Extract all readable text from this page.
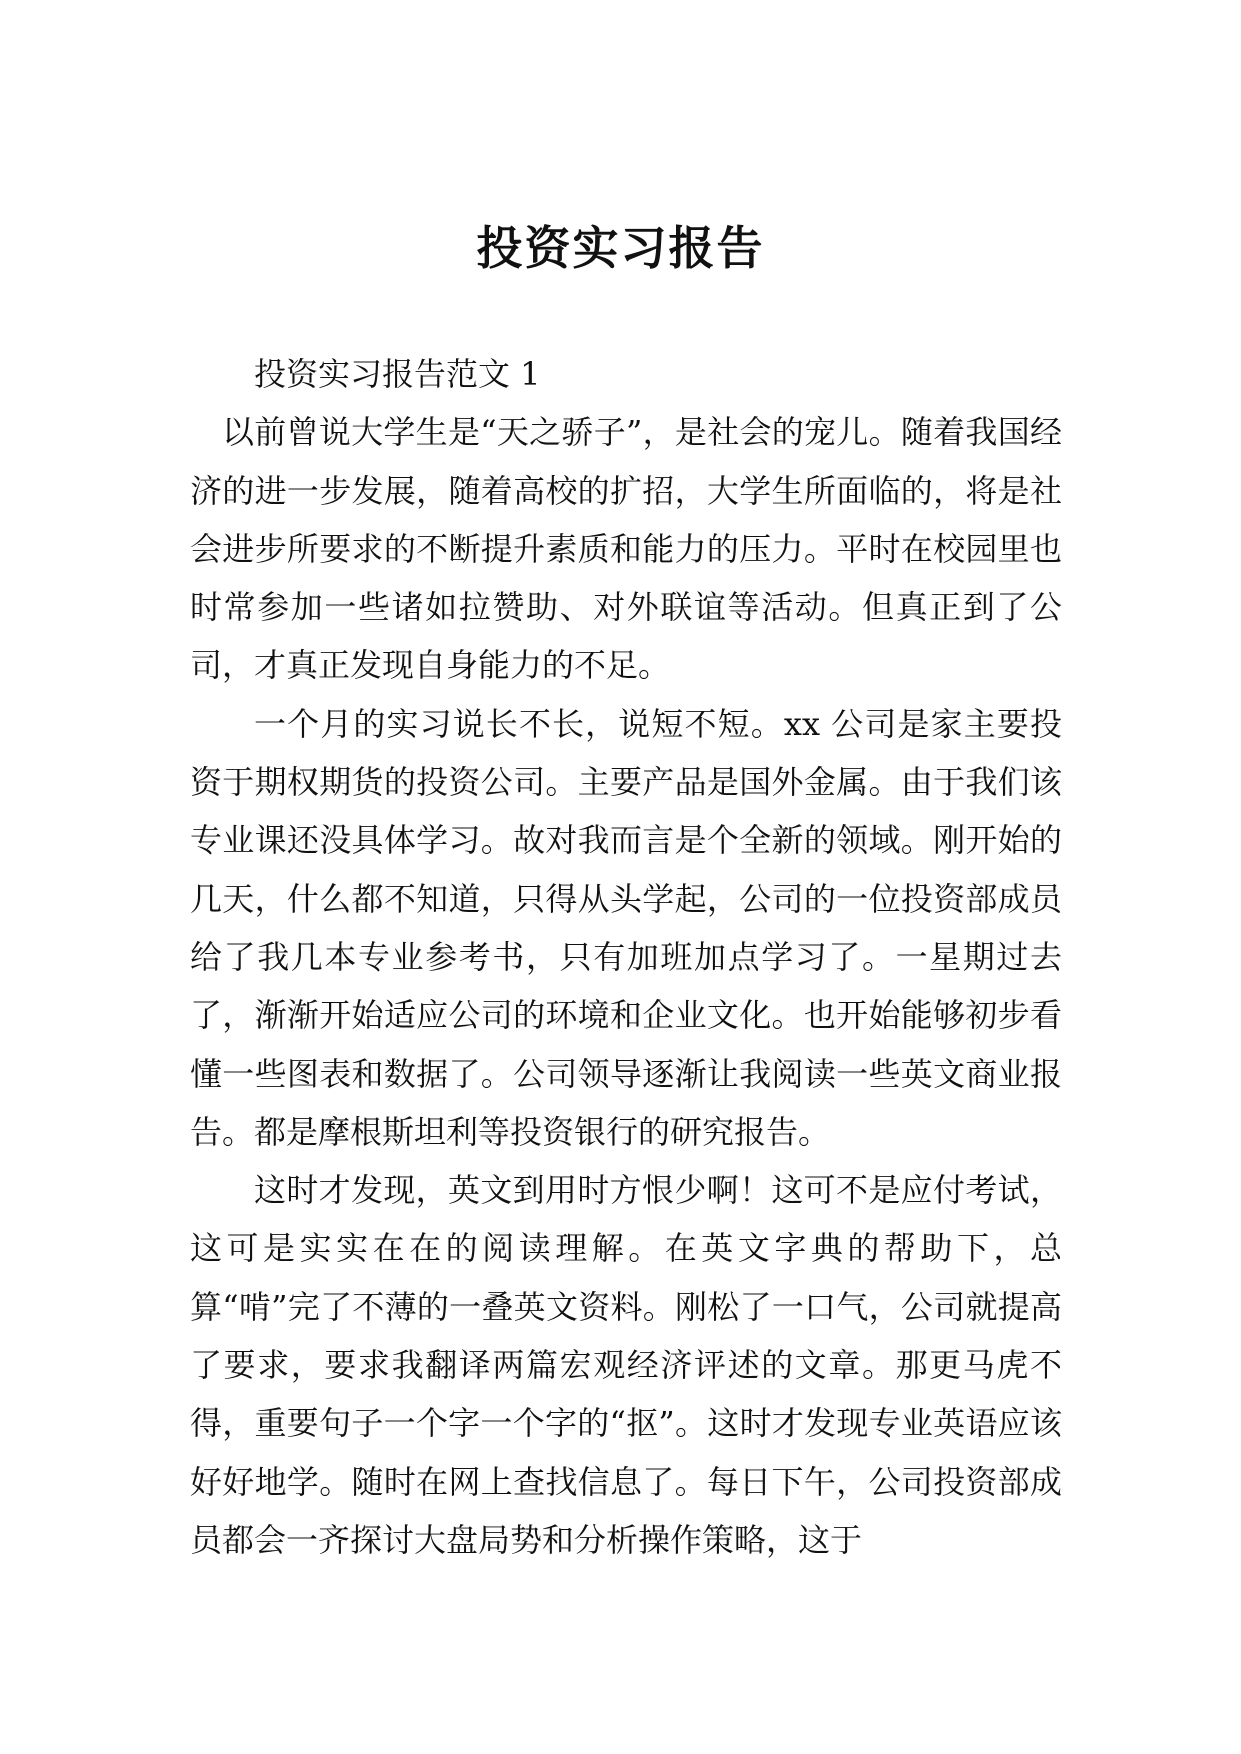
投资实习报告

投资实习报告范文 1

以前曾说大学生是“天之骄子”，是社会的宠儿。随着我国经济的进一步发展，随着高校的扩招，大学生所面临的，将是社会进步所要求的不断提升素质和能力的压力。平时在校园里也时常参加一些诸如拉赞助、对外联谊等活动。但真正到了公司，才真正发现自身能力的不足。

一个月的实习说长不长，说短不短。xx 公司是家主要投资于期权期货的投资公司。主要产品是国外金属。由于我们该专业课还没具体学习。故对我而言是个全新的领域。刚开始的几天，什么都不知道，只得从头学起，公司的一位投资部成员给了我几本专业参考书，只有加班加点学习了。一星期过去了，渐渐开始适应公司的环境和企业文化。也开始能够初步看懂一些图表和数据了。公司领导逐渐让我阅读一些英文商业报告。都是摩根斯坦利等投资银行的研究报告。

这时才发现，英文到用时方恨少啊！这可不是应付考试，这可是实实在在的阅读理解。在英文字典的帮助下，总算“啃”完了不薄的一叠英文资料。刚松了一口气，公司就提高了要求，要求我翻译两篇宏观经济评述的文章。那更马虎不得，重要句子一个字一个字的“抠”。这时才发现专业英语应该好好地学。随时在网上查找信息了。每日下午，公司投资部成员都会一齐探讨大盘局势和分析操作策略，这于
